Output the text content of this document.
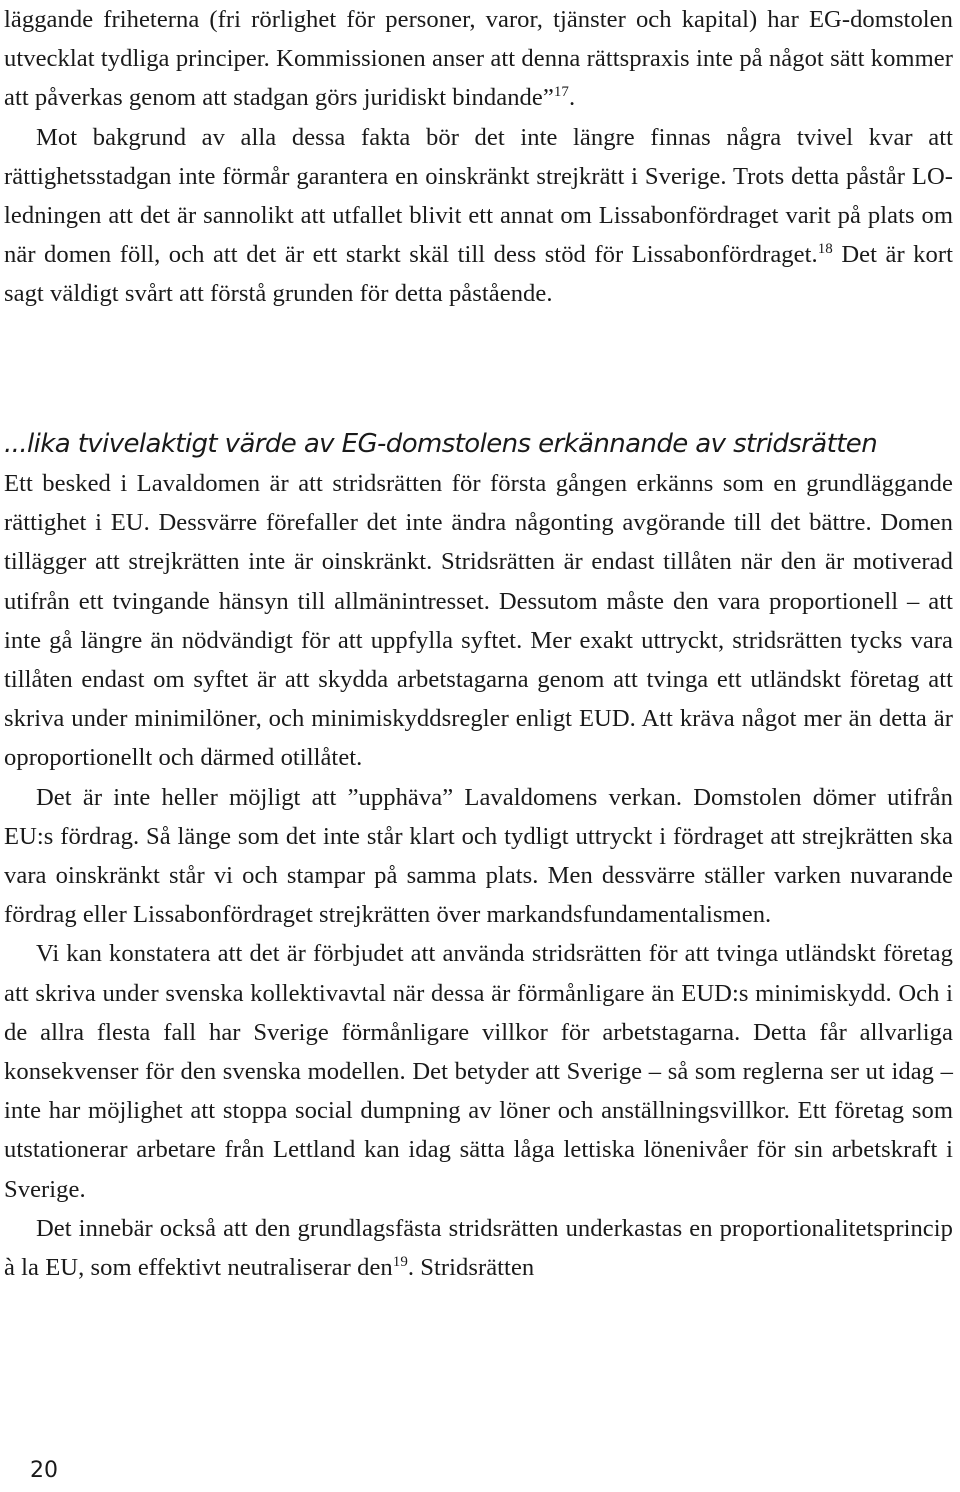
läggande friheterna (fri rörlighet för personer, varor, tjänster och kapital) har EG-domstolen utvecklat tydliga principer. Kommissionen anser att denna rättspraxis inte på något sätt kommer att påverkas genom att stadgan görs juridiskt bindande”$^{17}$.

Mot bakgrund av alla dessa fakta bör det inte längre finnas några tvivel kvar att rättighetsstadgan inte förmår garantera en oinskränkt strejkrätt i Sverige. Trots detta påstår LO-ledningen att det är sannolikt att utfallet blivit ett annat om Lissabonfördraget varit på plats om när domen föll, och att det är ett starkt skäl till dess stöd för Lissabonfördraget.$^{18}$ Det är kort sagt väldigt svårt att förstå grunden för detta påstående.

...lika tvivelaktigt värde av EG-domstolens erkännande av stridsrätten

Ett besked i Lavaldomen är att stridsrätten för första gången erkänns som en grundläggande rättighet i EU. Dessvärre förefaller det inte ändra någonting avgörande till det bättre. Domen tillägger att strejkrätten inte är oinskränkt. Stridsrätten är endast tillåten när den är motiverad utifrån ett tvingande hänsyn till allmänintresset. Dessutom måste den vara proportionell – att inte gå längre än nödvändigt för att uppfylla syftet. Mer exakt uttryckt, stridsrätten tycks vara tillåten endast om syftet är att skydda arbetstagarna genom att tvinga ett utländskt företag att skriva under minimilöner, och minimiskyddsregler enligt EUD. Att kräva något mer än detta är oproportionellt och därmed otillåtet.

Det är inte heller möjligt att ”upphäva” Lavaldomens verkan. Domstolen dömer utifrån EU:s fördrag. Så länge som det inte står klart och tydligt uttryckt i fördraget att strejkrätten ska vara oinskränkt står vi och stampar på samma plats. Men dessvärre ställer varken nuvarande fördrag eller Lissabonfördraget strejkrätten över markandsfundamentalismen.

Vi kan konstatera att det är förbjudet att använda stridsrätten för att tvinga utländskt företag att skriva under svenska kollektivavtal när dessa är förmånligare än EUD:s minimiskydd. Och i de allra flesta fall har Sverige förmånligare villkor för arbetstagarna. Detta får allvarliga konsekvenser för den svenska modellen. Det betyder att Sverige – så som reglerna ser ut idag – inte har möjlighet att stoppa social dumpning av löner och anställningsvillkor. Ett företag som utstationerar arbetare från Lettland kan idag sätta låga lettiska lönenivåer för sin arbetskraft i Sverige.

Det innebär också att den grundlagsfästa stridsrätten underkastas en proportionalitetsprincip à la EU, som effektivt neutraliserar den$^{19}$. Stridsrätten

20
